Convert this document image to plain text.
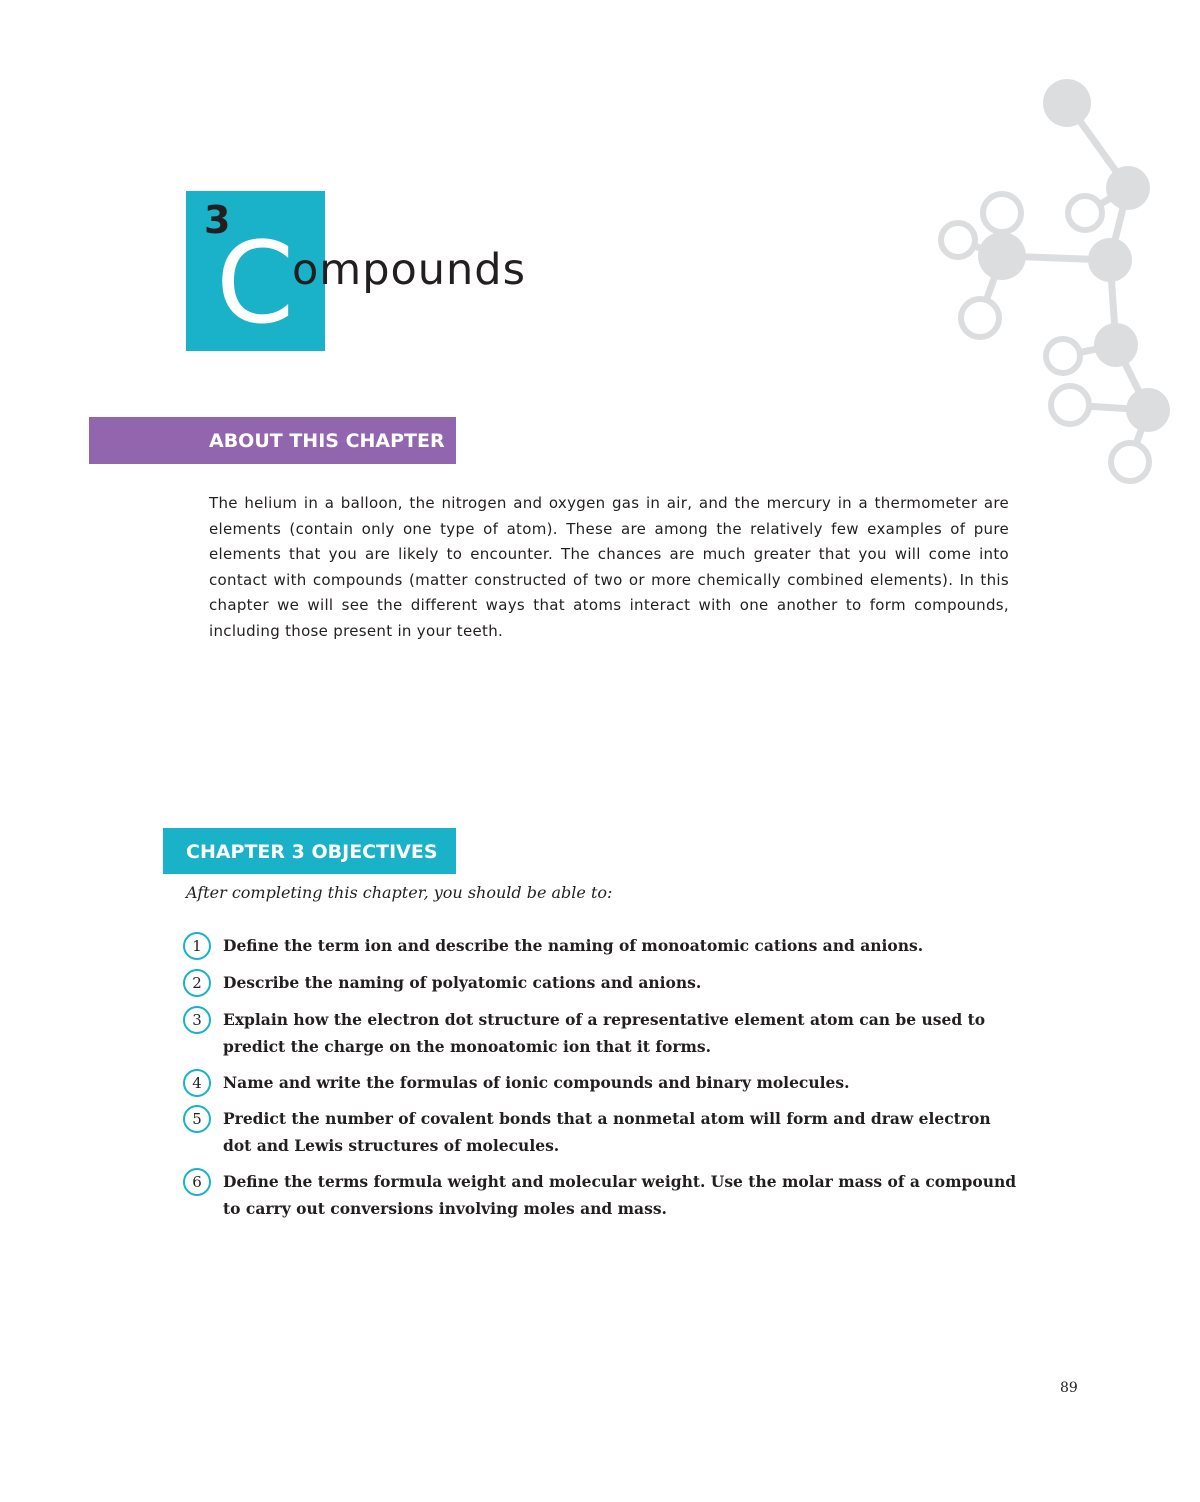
3
C
ompounds
ABOUT THIS CHAPTER
The helium in a balloon, the nitrogen and oxygen gas in air, and the mercury in a thermometer are elements (contain only one type of atom). These are among the relatively few examples of pure elements that you are likely to encounter. The chances are much greater that you will come into contact with compounds (matter constructed of two or more chemically combined elements). In this chapter we will see the different ways that atoms interact with one another to form compounds, including those present in your teeth.
CHAPTER 3 OBJECTIVES
After completing this chapter, you should be able to:
1	Define the term ion and describe the naming of monoatomic cations and anions.
2	Describe the naming of polyatomic cations and anions.
3	Explain how the electron dot structure of a representative element atom can be used to predict the charge on the monoatomic ion that it forms.
4	Name and write the formulas of ionic compounds and binary molecules.
5	Predict the number of covalent bonds that a nonmetal atom will form and draw electron dot and Lewis structures of molecules.
6	Define the terms formula weight and molecular weight. Use the molar mass of a compound to carry out conversions involving moles and mass.
89
